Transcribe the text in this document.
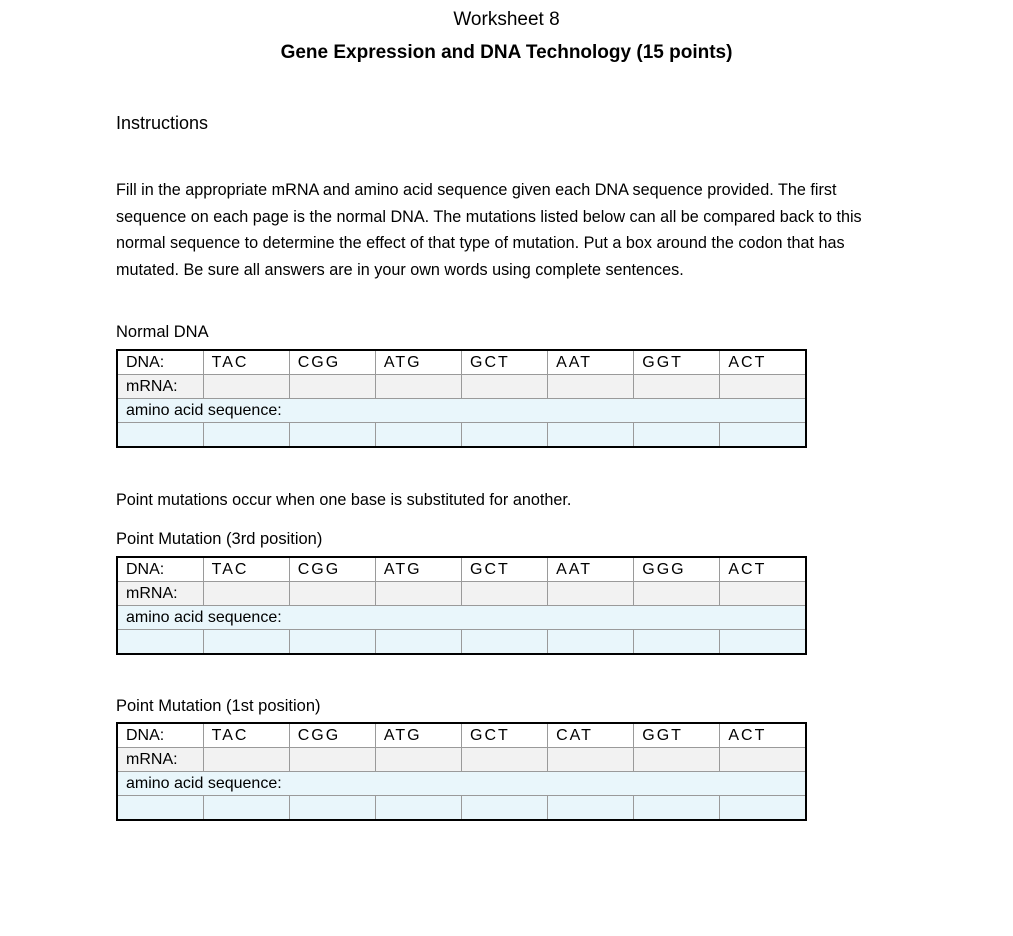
Worksheet 8
Gene Expression and DNA Technology (15 points)
Instructions
Fill in the appropriate mRNA and amino acid sequence given each DNA sequence provided. The first sequence on each page is the normal DNA. The mutations listed below can all be compared back to this normal sequence to determine the effect of that type of mutation. Put a box around the codon that has mutated. Be sure all answers are in your own words using complete sentences.
Normal DNA
DNA:	TAC	CGG	ATG	GCT	AAT	GGT	ACT
mRNA:							
amino acid sequence:							

Point mutations occur when one base is substituted for another.
Point Mutation (3rd position)
DNA:	TAC	CGG	ATG	GCT	AAT	GGG	ACT
mRNA:							
amino acid sequence:							

Point Mutation (1st position)
DNA:	TAC	CGG	ATG	GCT	CAT	GGT	ACT
mRNA:							
amino acid sequence:							
